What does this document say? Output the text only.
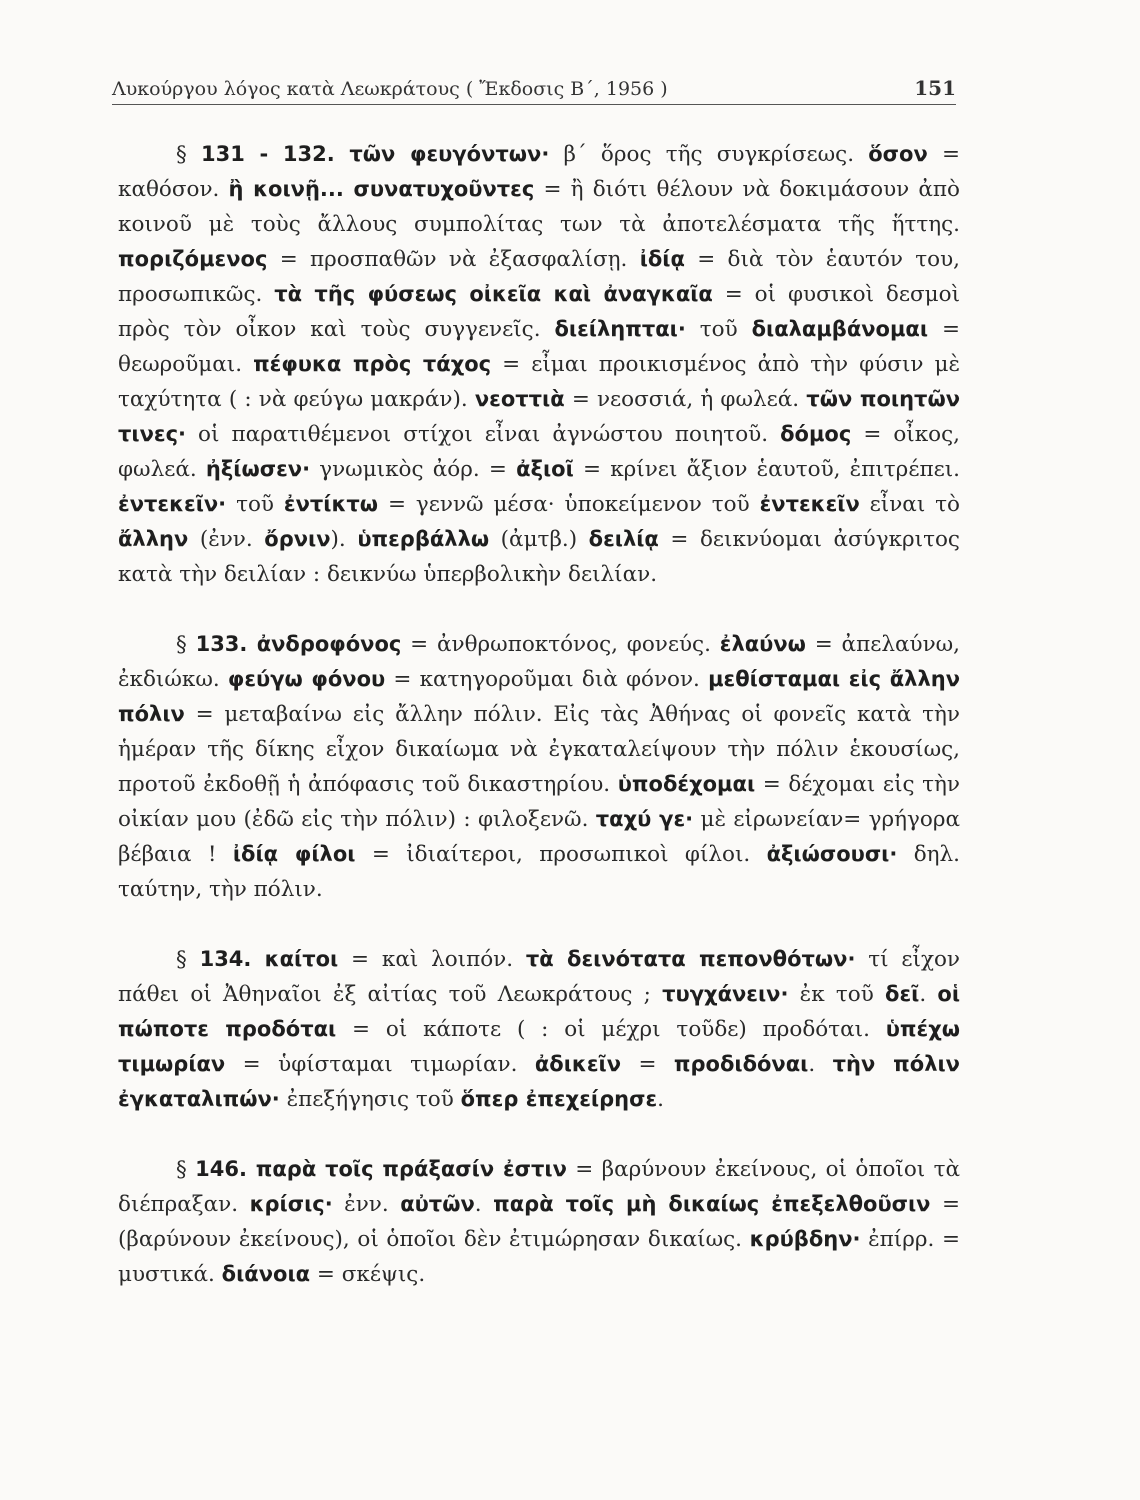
Λυκούργου λόγος κατὰ Λεωκράτους ( Ἔκδοσις Β΄, 1956 )	151

§ 131 - 132. τῶν φευγόντων· β΄ ὅρος τῆς συγκρίσεως. ὅσον = καθόσον. ἢ κοινῇ... συνατυχοῦντες = ἢ διότι θέλουν νὰ δοκιμάσουν ἀπὸ κοινοῦ μὲ τοὺς ἄλλους συμπολίτας των τὰ ἀποτελέσματα τῆς ἥττης. ποριζόμενος = προσπαθῶν νὰ ἐξασφαλίσῃ. ἰδίᾳ = διὰ τὸν ἑαυτόν του, προσωπικῶς. τὰ τῆς φύσεως οἰκεῖα καὶ ἀναγκαῖα = οἱ φυσικοὶ δεσμοὶ πρὸς τὸν οἶκον καὶ τοὺς συγγενεῖς. διείληπται· τοῦ διαλαμβάνομαι = θεωροῦμαι. πέφυκα πρὸς τάχος = εἶμαι προικισμένος ἀπὸ τὴν φύσιν μὲ ταχύτητα ( : νὰ φεύγω μακράν). νεοττιὰ = νεοσσιά, ἡ φωλεά. τῶν ποιητῶν τινες· οἱ παρατιθέμενοι στίχοι εἶναι ἀγνώστου ποιητοῦ. δόμος = οἶκος, φωλεά. ἠξίωσεν· γνωμικὸς ἀόρ. = ἀξιοῖ = κρίνει ἄξιον ἑαυτοῦ, ἐπιτρέπει. ἐντεκεῖν· τοῦ ἐντίκτω = γεννῶ μέσα· ὑποκείμενον τοῦ ἐντεκεῖν εἶναι τὸ ἄλλην (ἐνν. ὄρνιν). ὑπερβάλλω (ἀμτβ.) δειλίᾳ = δεικνύομαι ἀσύγκριτος κατὰ τὴν δειλίαν : δεικνύω ὑπερβολικὴν δειλίαν.

§ 133. ἀνδροφόνος = ἀνθρωποκτόνος, φονεύς. ἐλαύνω = ἀπελαύνω, ἐκδιώκω. φεύγω φόνου = κατηγοροῦμαι διὰ φόνον. μεθίσταμαι εἰς ἄλλην πόλιν = μεταβαίνω εἰς ἄλλην πόλιν. Εἰς τὰς Ἀθήνας οἱ φονεῖς κατὰ τὴν ἡμέραν τῆς δίκης εἶχον δικαίωμα νὰ ἐγκαταλείψουν τὴν πόλιν ἑκουσίως, προτοῦ ἐκδοθῇ ἡ ἀπόφασις τοῦ δικαστηρίου. ὑποδέχομαι = δέχομαι εἰς τὴν οἰκίαν μου (ἐδῶ εἰς τὴν πόλιν) : φιλοξενῶ. ταχύ γε· μὲ εἰρωνείαν= γρήγορα βέβαια ! ἰδίᾳ φίλοι = ἰδιαίτεροι, προσωπικοὶ φίλοι. ἀξιώσουσι· δηλ. ταύτην, τὴν πόλιν.

§ 134. καίτοι = καὶ λοιπόν. τὰ δεινότατα πεπονθότων· τί εἶχον πάθει οἱ Ἀθηναῖοι ἐξ αἰτίας τοῦ Λεωκράτους ; τυγχάνειν· ἐκ τοῦ δεῖ. οἱ πώποτε προδόται = οἱ κάποτε ( : οἱ μέχρι τοῦδε) προδόται. ὑπέχω τιμωρίαν = ὑφίσταμαι τιμωρίαν. ἀδικεῖν = προδιδόναι. τὴν πόλιν ἐγκαταλιπών· ἐπεξήγησις τοῦ ὅπερ ἐπεχείρησε.

§ 146. παρὰ τοῖς πράξασίν ἐστιν = βαρύνουν ἐκείνους, οἱ ὁποῖοι τὰ διέπραξαν. κρίσις· ἐνν. αὐτῶν. παρὰ τοῖς μὴ δικαίως ἐπεξελθοῦσιν = (βαρύνουν ἐκείνους), οἱ ὁποῖοι δὲν ἐτιμώρησαν δικαίως. κρύβδην· ἐπίρρ. = μυστικά. διάνοια = σκέψις.
